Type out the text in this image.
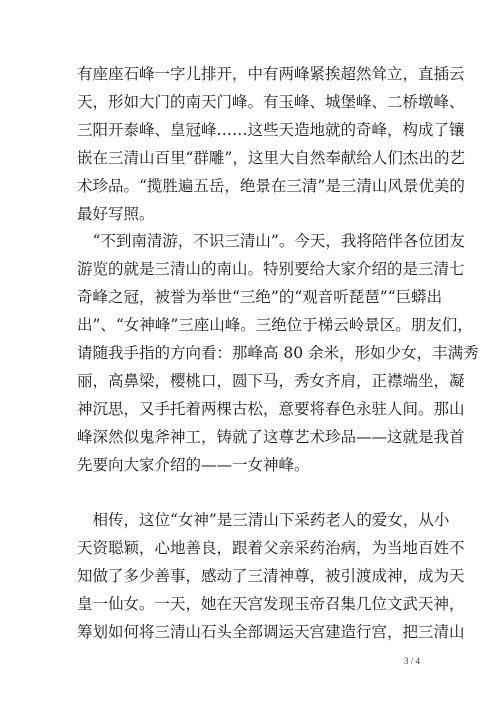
有座座石峰一字儿排开，中有两峰紧挨超然耸立，直插云
天，形如大门的南天门峰。有玉峰、城堡峰、二桥墩峰、
三阳开泰峰、皇冠峰……这些天造地就的奇峰，构成了镶
嵌在三清山百里“群雕”，这里大自然奉献给人们杰出的艺
术珍品。“揽胜遍五岳，绝景在三清”是三清山风景优美的
最好写照。
　“不到南清游，不识三清山”。今天，我将陪伴各位团友
游览的就是三清山的南山。特别要给大家介绍的是三清七
奇峰之冠，被誉为举世“三绝”的“观音听琵琶”“巨蟒出
出”、“女神峰”三座山峰。三绝位于梯云岭景区。朋友们，
请随我手指的方向看：那峰高 80 余米，形如少女，丰满秀
丽，高鼻梁，樱桃口，圆下马，秀女齐肩，正襟端坐，凝
神沉思，又手托着两棵古松，意要将春色永驻人间。那山
峰深然似鬼斧神工，铸就了这尊艺术珍品——这就是我首
先要向大家介绍的——一女神峰。
　相传，这位“女神”是三清山下采药老人的爱女，从小
天资聪颖，心地善良，跟着父亲采药治病，为当地百姓不
知做了多少善事，感动了三清神尊，被引渡成神，成为天
皇一仙女。一天，她在天宫发现玉帝召集几位文武天神，
筹划如何将三清山石头全部调运天宫建造行宫，把三清山
3 / 4
